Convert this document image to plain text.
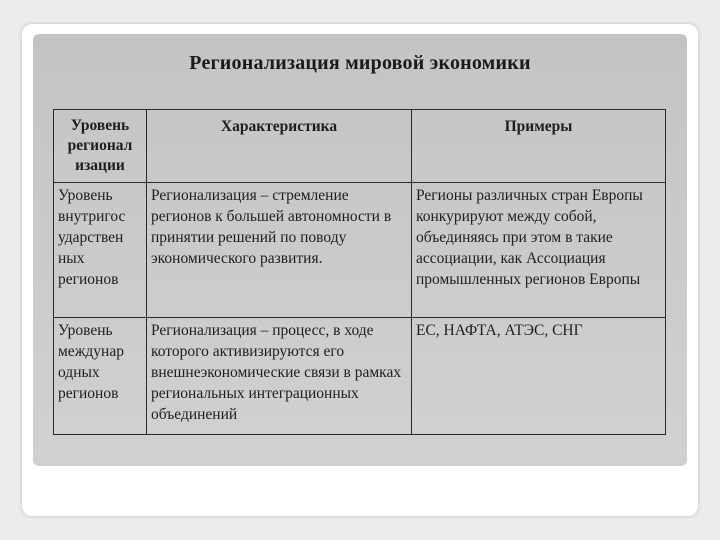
Регионализация мировой экономики
Уровень регионал изации	Характеристика	Примеры
Уровень внутригос ударствен ных регионов	Регионализация – стремление регионов к большей автономности в принятии решений по поводу экономического развития.	Регионы различных стран Европы конкурируют между собой, объединяясь при этом в такие ассоциации, как Ассоциация промышленных регионов Европы
Уровень междунар одных регионов	Регионализация – процесс, в ходе которого активизируются его внешнеэкономические связи в рамках региональных интеграционных объединений	ЕС, НАФТА, АТЭС, СНГ
